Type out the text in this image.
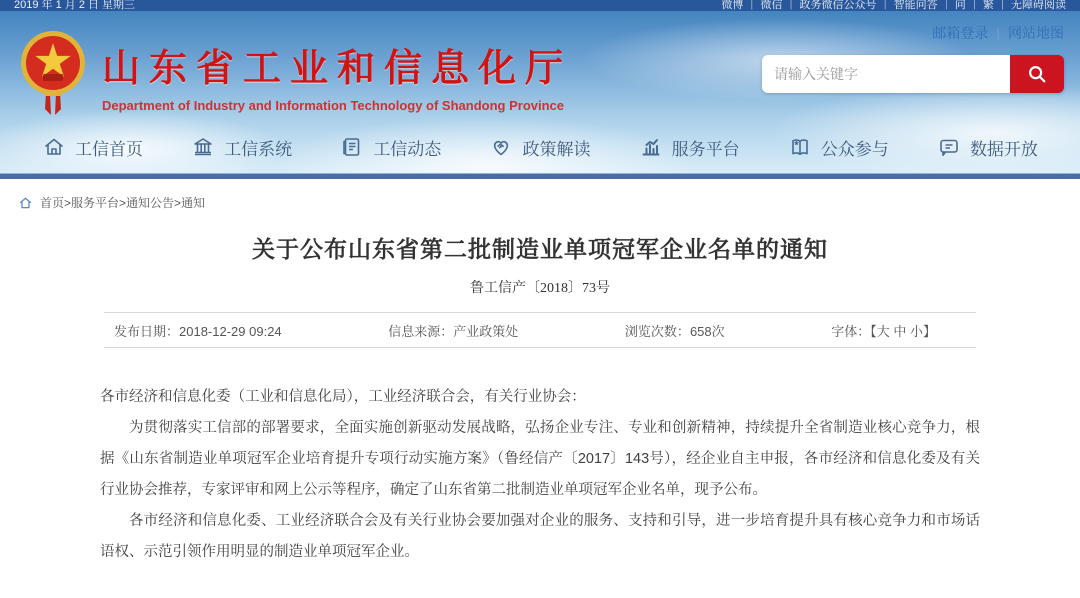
2019 年 1 月 2 日 星期三	微博 ｜ 微信 ｜ 政务微信公众号 ｜ 智能问答 ｜ 问 ｜ 繁 ｜ 无障碍阅读
山东省工业和信息化厅
Department of Industry and Information Technology of Shandong Province
邮箱登录 | 网站地图
请输入关键字
工信首页	工信系统	工信动态	政策解读	服务平台	公众参与	数据开放
首页>服务平台>通知公告>通知
关于公布山东省第二批制造业单项冠军企业名单的通知
鲁工信产〔2018〕73号
发布日期：2018-12-29 09:24	信息来源：产业政策处	浏览次数：658次	字体：【大 中 小】

各市经济和信息化委（工业和信息化局），工业经济联合会，有关行业协会：

为贯彻落实工信部的部署要求，全面实施创新驱动发展战略，弘扬企业专注、专业和创新精神，持续提升全省制造业核心竞争力，根据《山东省制造业单项冠军企业培育提升专项行动实施方案》（鲁经信产〔2017〕143号），经企业自主申报，各市经济和信息化委及有关行业协会推荐，专家评审和网上公示等程序，确定了山东省第二批制造业单项冠军企业名单，现予公布。

各市经济和信息化委、工业经济联合会及有关行业协会要加强对企业的服务、支持和引导，进一步培育提升具有核心竞争力和市场话语权、示范引领作用明显的制造业单项冠军企业。
